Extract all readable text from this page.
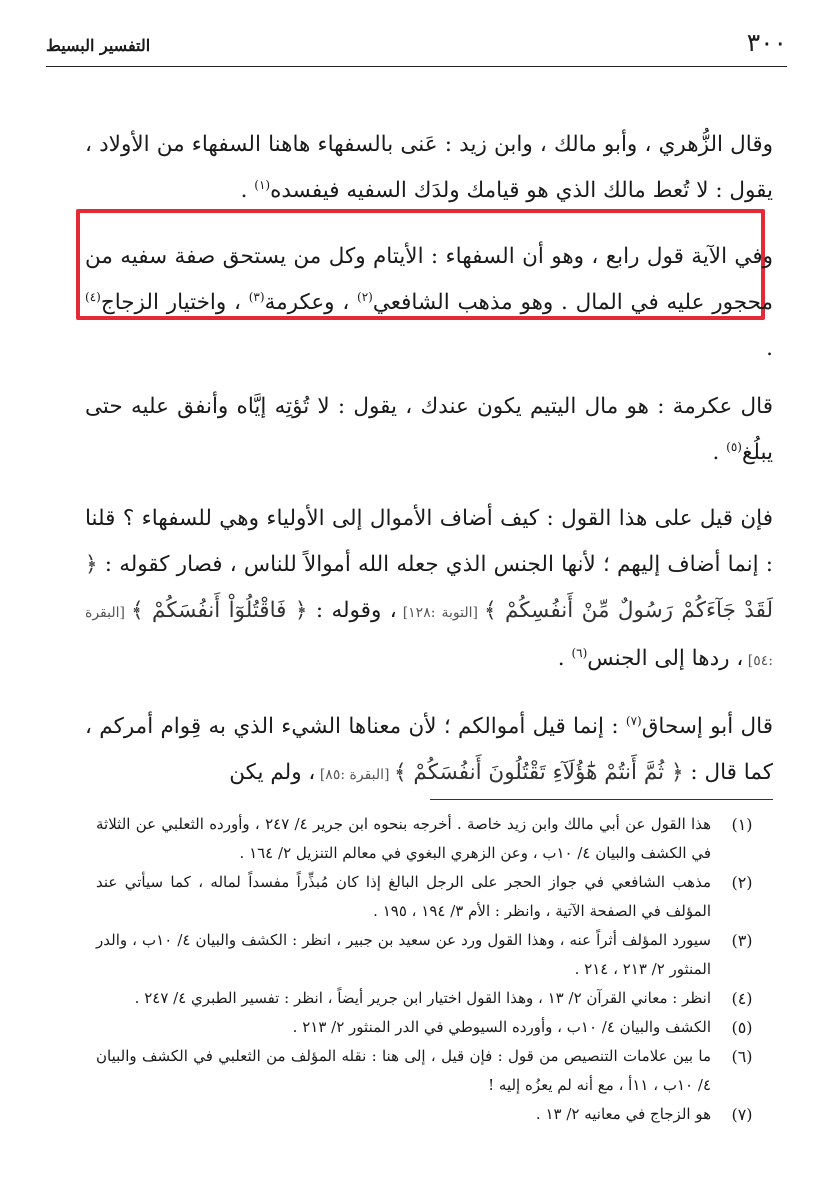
٣٠٠
التفسير البسيط

وقال الزُّهري ، وأبو مالك ، وابن زيد : عَنى بالسفهاء هاهنا السفهاء من الأولاد ، يقول : لا تُعط مالك الذي هو قيامك ولدَك السفيه فيفسده$^{(١)}$ .

وفي الآية قول رابع ، وهو أن السفهاء : الأيتام وكل من يستحق صفة سفيه من محجور عليه في المال . وهو مذهب الشافعي$^{(٢)}$ ، وعكرمة$^{(٣)}$ ، واختيار الزجاج$^{(٤)}$ .

قال عكرمة : هو مال اليتيم يكون عندك ، يقول : لا تُؤتِه إيَّاه وأنفق عليه حتى يبلُغ$^{(٥)}$ .

فإن قيل على هذا القول : كيف أضاف الأموال إلى الأولياء وهي للسفهاء ؟ قلنا : إنما أضاف إليهم ؛ لأنها الجنس الذي جعله الله أموالاً للناس ، فصار كقوله : ﴿ لَقَدْ جَآءَكُمْ رَسُولٌ مِّنْ أَنفُسِكُمْ ﴾ [التوبة :١٢٨] ، وقوله : ﴿ فَاقْتُلُوٓاْ أَنفُسَكُمْ ﴾ [البقرة :٥٤] ، ردها إلى الجنس$^{(٦)}$ .

قال أبو إسحاق$^{(٧)}$ : إنما قيل أموالكم ؛ لأن معناها الشيء الذي به قِوام أمركم ، كما قال : ﴿ ثُمَّ أَنتُمْ هَٰٓؤُلَآءِ تَقْتُلُونَ أَنفُسَكُمْ ﴾ [البقرة :٨٥] ، ولم يكن

(١)
هذا القول عن أبي مالك وابن زيد خاصة . أخرجه بنحوه ابن جرير ٤/ ٢٤٧ ، وأورده الثعلبي عن الثلاثة في الكشف والبيان ٤/ ١٠ب ، وعن الزهري البغوي في معالم التنزيل ٢/ ١٦٤ .
(٢)
مذهب الشافعي في جواز الحجر على الرجل البالغ إذا كان مُبذِّراً مفسداً لماله ، كما سيأتي عند المؤلف في الصفحة الآتية ، وانظر : الأم ٣/ ١٩٤ ، ١٩٥ .
(٣)
سيورد المؤلف أثراً عنه ، وهذا القول ورد عن سعيد بن جبير ، انظر : الكشف والبيان ٤/ ١٠ب ، والدر المنثور ٢/ ٢١٣ ، ٢١٤ .
(٤)
انظر : معاني القرآن ٢/ ١٣ ، وهذا القول اختيار ابن جرير أيضاً ، انظر : تفسير الطبري ٤/ ٢٤٧ .
(٥)
الكشف والبيان ٤/ ١٠ب ، وأورده السيوطي في الدر المنثور ٢/ ٢١٣ .
(٦)
ما بين علامات التنصيص من قول : فإن قيل ، إلى هنا : نقله المؤلف من الثعلبي في الكشف والبيان ٤/ ١٠ب ، ١١أ ، مع أنه لم يعزُه إليه !
(٧)
هو الزجاج في معانيه ٢/ ١٣ .
